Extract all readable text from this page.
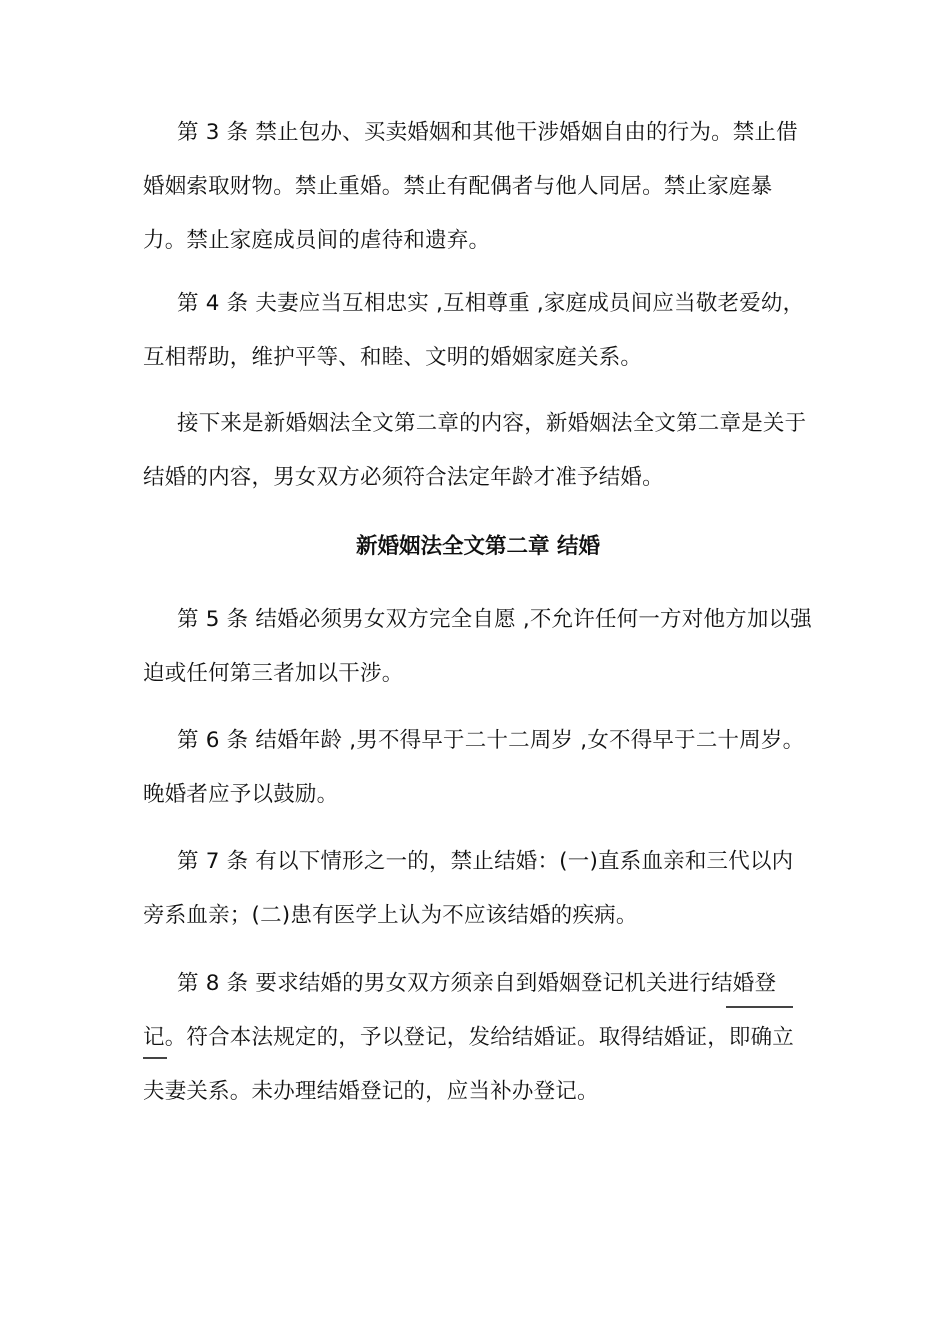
第 3 条 禁止包办、买卖婚姻和其他干涉婚姻自由的行为。禁止借婚姻索取财物。禁止重婚。禁止有配偶者与他人同居。禁止家庭暴力。禁止家庭成员间的虐待和遗弃。

第 4 条 夫妻应当互相忠实 ,互相尊重 ,家庭成员间应当敬老爱幼，互相帮助，维护平等、和睦、文明的婚姻家庭关系。

接下来是新婚姻法全文第二章的内容，新婚姻法全文第二章是关于结婚的内容，男女双方必须符合法定年龄才准予结婚。

新婚姻法全文第二章 结婚

第 5 条 结婚必须男女双方完全自愿 ,不允许任何一方对他方加以强迫或任何第三者加以干涉。

第 6 条 结婚年龄 ,男不得早于二十二周岁 ,女不得早于二十周岁。晚婚者应予以鼓励。

第 7 条 有以下情形之一的，禁止结婚：(一)直系血亲和三代以内旁系血亲；(二)患有医学上认为不应该结婚的疾病。

第 8 条 要求结婚的男女双方须亲自到婚姻登记机关进行结婚登记。符合本法规定的，予以登记，发给结婚证。取得结婚证，即确立夫妻关系。未办理结婚登记的，应当补办登记。
